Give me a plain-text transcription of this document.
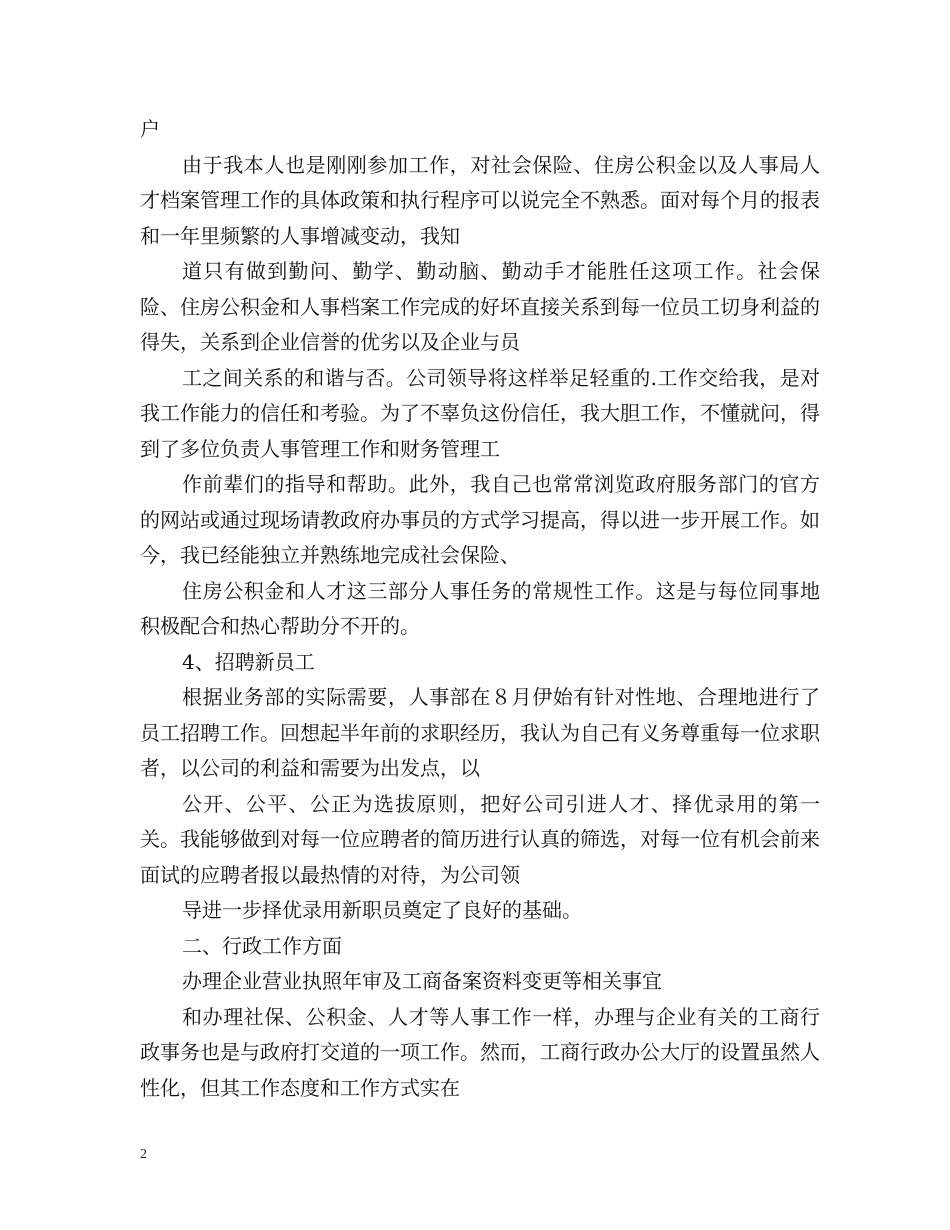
户

由于我本人也是刚刚参加工作，对社会保险、住房公积金以及人事局人才档案管理工作的具体政策和执行程序可以说完全不熟悉。面对每个月的报表和一年里频繁的人事增减变动，我知

道只有做到勤问、勤学、勤动脑、勤动手才能胜任这项工作。社会保险、住房公积金和人事档案工作完成的好坏直接关系到每一位员工切身利益的得失，关系到企业信誉的优劣以及企业与员

工之间关系的和谐与否。公司领导将这样举足轻重的.工作交给我，是对我工作能力的信任和考验。为了不辜负这份信任，我大胆工作，不懂就问，得到了多位负责人事管理工作和财务管理工

作前辈们的指导和帮助。此外，我自己也常常浏览政府服务部门的官方的网站或通过现场请教政府办事员的方式学习提高，得以进一步开展工作。如今，我已经能独立并熟练地完成社会保险、

住房公积金和人才这三部分人事任务的常规性工作。这是与每位同事地积极配合和热心帮助分不开的。

4、招聘新员工

根据业务部的实际需要，人事部在８月伊始有针对性地、合理地进行了员工招聘工作。回想起半年前的求职经历，我认为自己有义务尊重每一位求职者，以公司的利益和需要为出发点，以

公开、公平、公正为选拔原则，把好公司引进人才、择优录用的第一关。我能够做到对每一位应聘者的简历进行认真的筛选，对每一位有机会前来面试的应聘者报以最热情的对待，为公司领

导进一步择优录用新职员奠定了良好的基础。

二、行政工作方面

办理企业营业执照年审及工商备案资料变更等相关事宜

和办理社保、公积金、人才等人事工作一样，办理与企业有关的工商行政事务也是与政府打交道的一项工作。然而，工商行政办公大厅的设置虽然人性化，但其工作态度和工作方式实在

2
